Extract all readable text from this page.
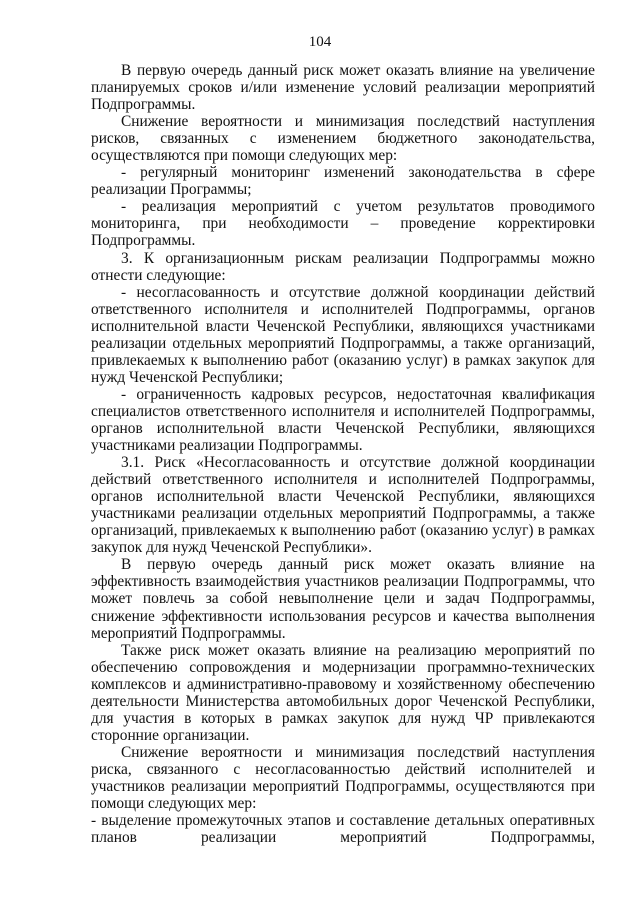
104

В первую очередь данный риск может оказать влияние на увеличение планируемых сроков и/или изменение условий реализации мероприятий Подпрограммы.

Снижение вероятности и минимизация последствий наступления рисков, связанных с изменением бюджетного законодательства, осуществляются при помощи следующих мер:

- регулярный мониторинг изменений законодательства в сфере реализации Программы;

- реализация мероприятий с учетом результатов проводимого мониторинга, при необходимости – проведение корректировки Подпрограммы.

3. К организационным рискам реализации Подпрограммы можно отнести следующие:

- несогласованность и отсутствие должной координации действий ответственного исполнителя и исполнителей Подпрограммы, органов исполнительной власти Чеченской Республики, являющихся участниками реализации отдельных мероприятий Подпрограммы, а также организаций, привлекаемых к выполнению работ (оказанию услуг) в рамках закупок для нужд Чеченской Республики;

- ограниченность кадровых ресурсов, недостаточная квалификация специалистов ответственного исполнителя и исполнителей Подпрограммы, органов исполнительной власти Чеченской Республики, являющихся участниками реализации Подпрограммы.

3.1. Риск «Несогласованность и отсутствие должной координации действий ответственного исполнителя и исполнителей Подпрограммы, органов исполнительной власти Чеченской Республики, являющихся участниками реализации отдельных мероприятий Подпрограммы, а также организаций, привлекаемых к выполнению работ (оказанию услуг) в рамках закупок для нужд Чеченской Республики».

В первую очередь данный риск может оказать влияние на эффективность взаимодействия участников реализации Подпрограммы, что может повлечь за собой невыполнение цели и задач Подпрограммы, снижение эффективности использования ресурсов и качества выполнения мероприятий Подпрограммы.

Также риск может оказать влияние на реализацию мероприятий по обеспечению сопровождения и модернизации программно-технических комплексов и административно-правовому и хозяйственному обеспечению деятельности Министерства автомобильных дорог Чеченской Республики, для участия в которых в рамках закупок для нужд ЧР привлекаются сторонние организации.

Снижение вероятности и минимизация последствий наступления риска, связанного с несогласованностью действий исполнителей и участников реализации мероприятий Подпрограммы, осуществляются при помощи следующих мер:

- выделение промежуточных этапов и составление детальных оперативных планов реализации мероприятий Подпрограммы,
